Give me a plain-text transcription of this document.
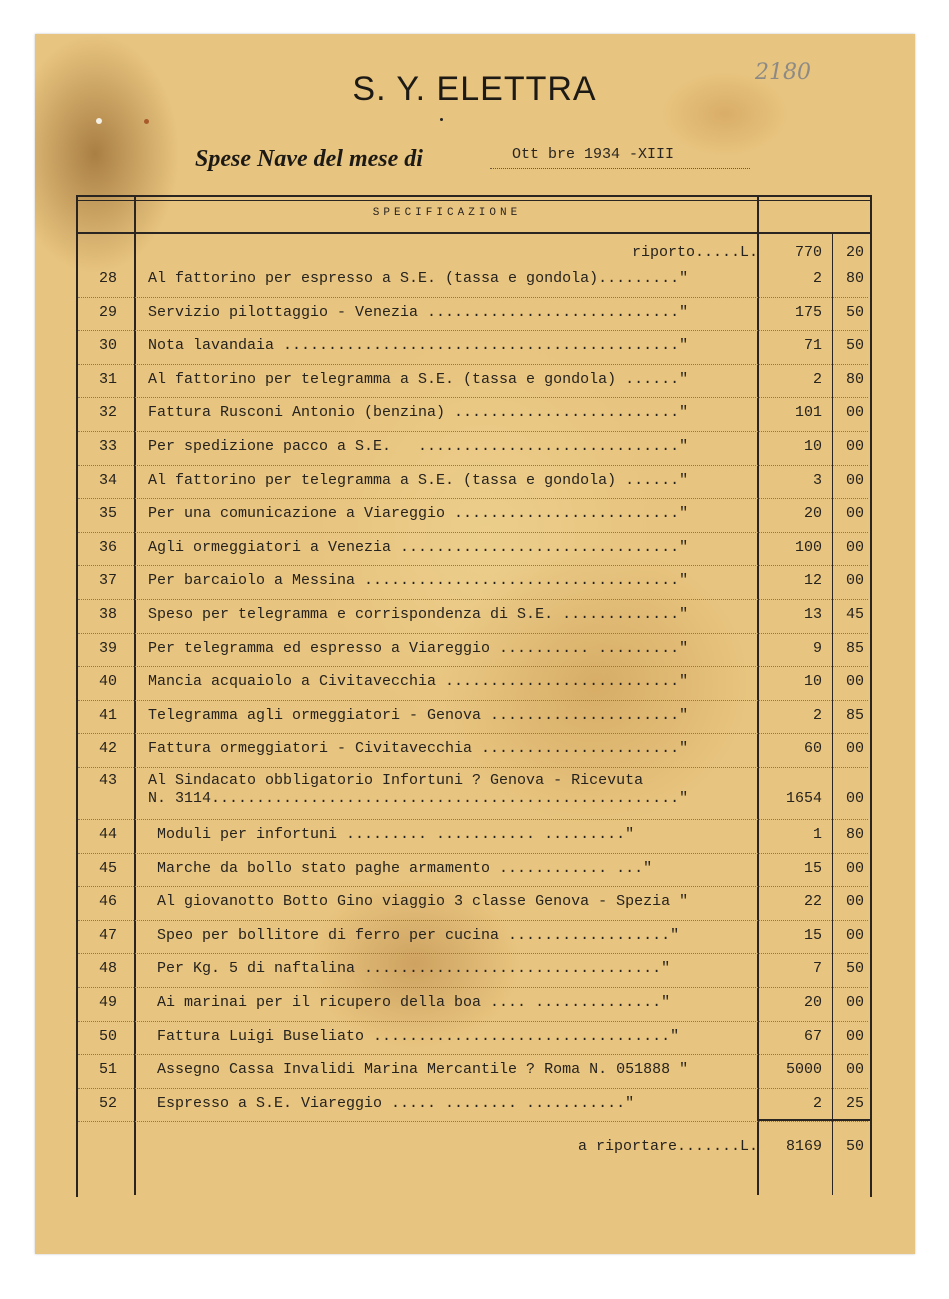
S. Y. ELETTRA	2180
Spese Nave del mese di	Ott bre 1934 -XIII
SPECIFICAZIONE
riporto.....L.	770	20
28	Al fattorino per espresso a S.E. (tassa e gondola)........."	2	80
29	Servizio pilottaggio - Venezia ............................"	175	50
30	Nota lavandaia ............................................"	71	50
31	Al fattorino per telegramma a S.E. (tassa e gondola) ......"	2	80
32	Fattura Rusconi Antonio (benzina) ........................."	101	00
33	Per spedizione pacco a S.E.   ............................."	10	00
34	Al fattorino per telegramma a S.E. (tassa e gondola) ......"	3	00
35	Per una comunicazione a Viareggio ........................."	20	00
36	Agli ormeggiatori a Venezia ..............................."	100	00
37	Per barcaiolo a Messina ..................................."	12	00
38	Speso per telegramma e corrispondenza di S.E. ............."	13	45
39	Per telegramma ed espresso a Viareggio .......... ........."	9	85
40	Mancia acquaiolo a Civitavecchia .........................."	10	00
41	Telegramma agli ormeggiatori - Genova ....................."	2	85
42	Fattura ormeggiatori - Civitavecchia ......................"	60	00
43	Al Sindacato obbligatorio Infortuni ? Genova - Ricevuta
N. 3114...................................................."	1654	00
44	Moduli per infortuni ......... ........... ........."	1	80
45	Marche da bollo stato paghe armamento ............ ..."	15	00
46	Al giovanotto Botto Gino viaggio 3 classe Genova - Spezia "	22	00
47	Speo per bollitore di ferro per cucina .................."	15	00
48	Per Kg. 5 di naftalina ................................."	7	50
49	Ai marinai per il ricupero della boa .... .............."	20	00
50	Fattura Luigi Buseliato ................................."	67	00
51	Assegno Cassa Invalidi Marina Mercantile ? Roma N. 051888 "	5000	00
52	Espresso a S.E. Viareggio ..... ........ ..........."	2	25
a riportare.......L.	8169	50
